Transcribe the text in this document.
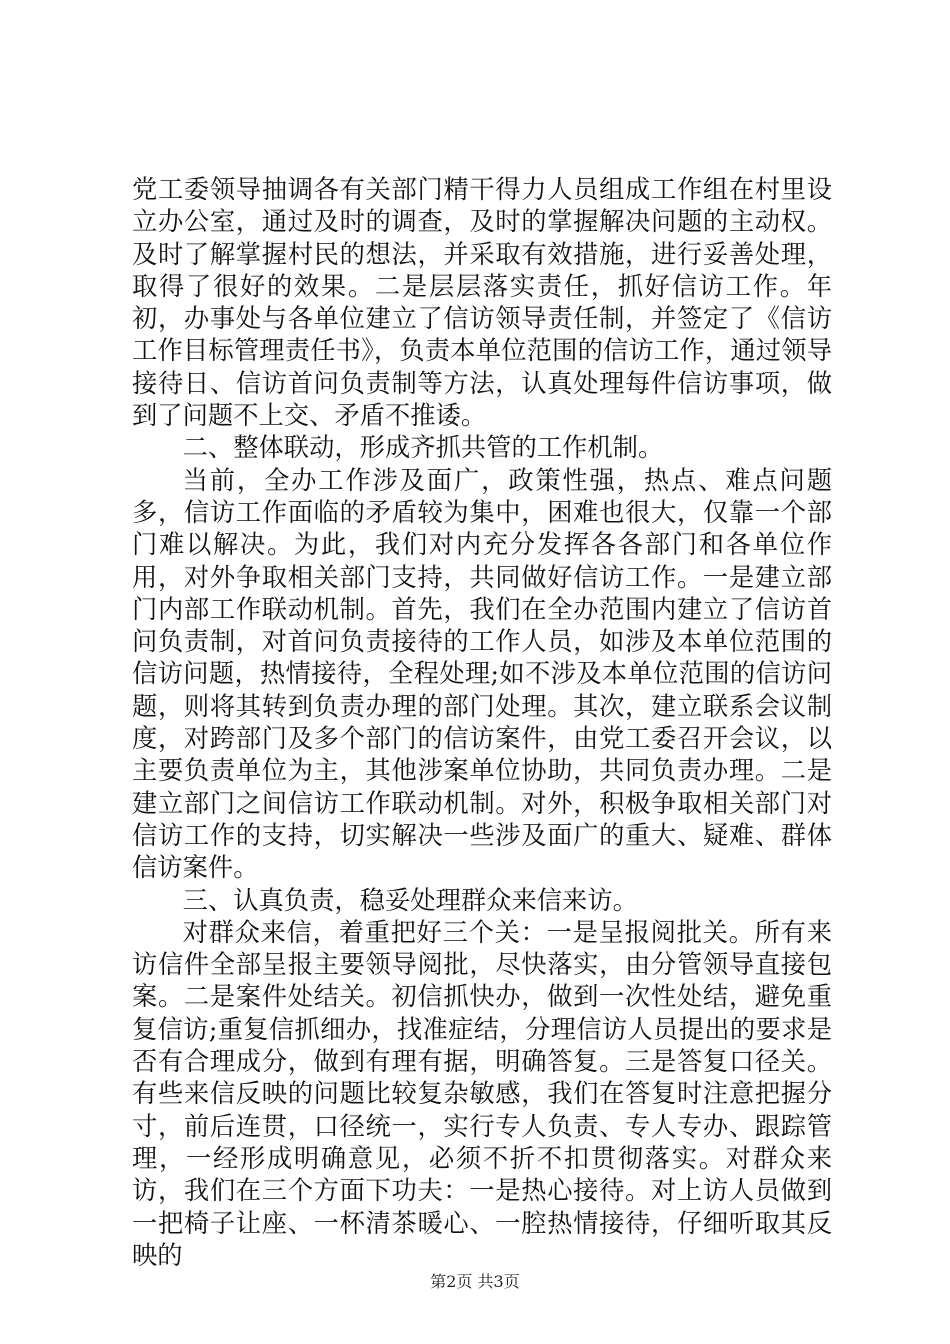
党工委领导抽调各有关部门精干得力人员组成工作组在村里设立办公室，通过及时的调查，及时的掌握解决问题的主动权。及时了解掌握村民的想法，并采取有效措施，进行妥善处理，取得了很好的效果。二是层层落实责任，抓好信访工作。年初，办事处与各单位建立了信访领导责任制，并签定了《信访工作目标管理责任书》，负责本单位范围的信访工作，通过领导接待日、信访首问负责制等方法，认真处理每件信访事项，做到了问题不上交、矛盾不推诿。

二、整体联动，形成齐抓共管的工作机制。

当前，全办工作涉及面广，政策性强，热点、难点问题多，信访工作面临的矛盾较为集中，困难也很大，仅靠一个部门难以解决。为此，我们对内充分发挥各各部门和各单位作用，对外争取相关部门支持，共同做好信访工作。一是建立部门内部工作联动机制。首先，我们在全办范围内建立了信访首问负责制，对首问负责接待的工作人员，如涉及本单位范围的信访问题，热情接待，全程处理;如不涉及本单位范围的信访问题，则将其转到负责办理的部门处理。其次，建立联系会议制度，对跨部门及多个部门的信访案件，由党工委召开会议，以主要负责单位为主，其他涉案单位协助，共同负责办理。二是建立部门之间信访工作联动机制。对外，积极争取相关部门对信访工作的支持，切实解决一些涉及面广的重大、疑难、群体信访案件。

三、认真负责，稳妥处理群众来信来访。

对群众来信，着重把好三个关：一是呈报阅批关。所有来访信件全部呈报主要领导阅批，尽快落实，由分管领导直接包案。二是案件处结关。初信抓快办，做到一次性处结，避免重复信访;重复信抓细办，找准症结，分理信访人员提出的要求是否有合理成分，做到有理有据，明确答复。三是答复口径关。有些来信反映的问题比较复杂敏感，我们在答复时注意把握分寸，前后连贯，口径统一，实行专人负责、专人专办、跟踪管理，一经形成明确意见，必须不折不扣贯彻落实。对群众来访，我们在三个方面下功夫：一是热心接待。对上访人员做到一把椅子让座、一杯清茶暖心、一腔热情接待，仔细听取其反映的

第2页 共3页
